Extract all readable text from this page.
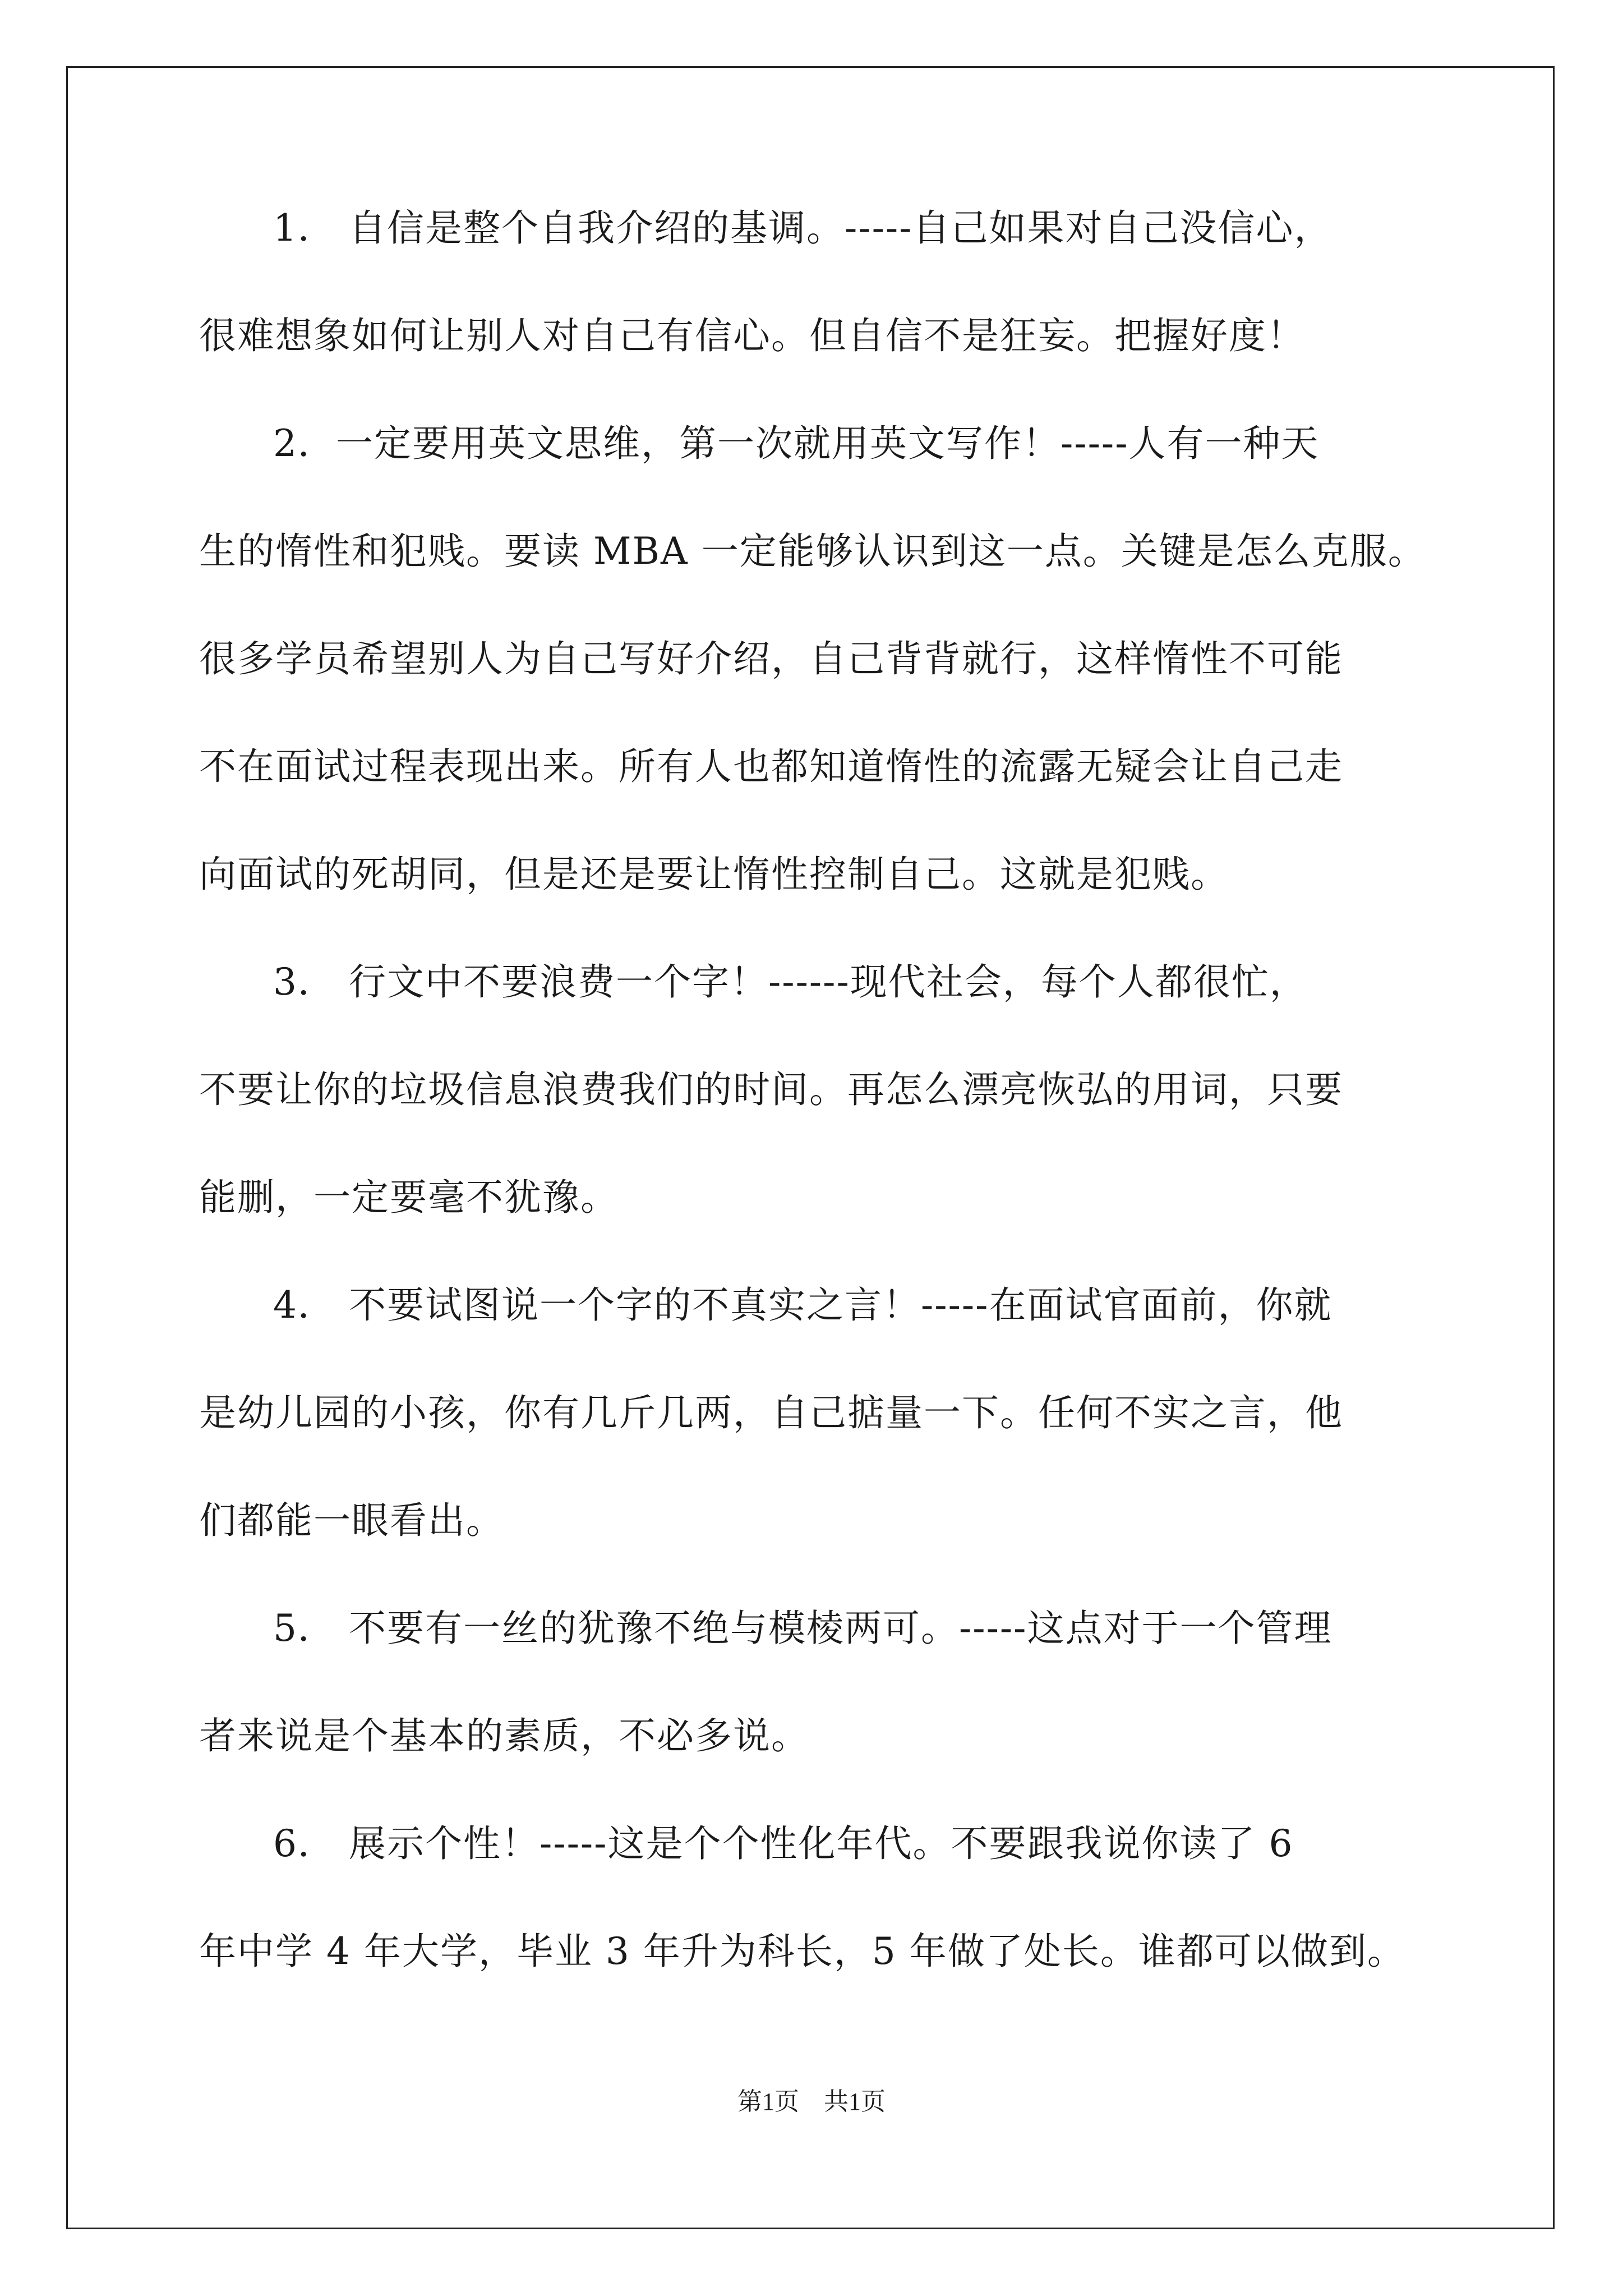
1． 自信是整个自我介绍的基调。-----自己如果对自己没信心，

很难想象如何让别人对自己有信心。但自信不是狂妄。把握好度！

2．一定要用英文思维，第一次就用英文写作！-----人有一种天

生的惰性和犯贱。要读 MBA 一定能够认识到这一点。关键是怎么克服。

很多学员希望别人为自己写好介绍，自己背背就行，这样惰性不可能

不在面试过程表现出来。所有人也都知道惰性的流露无疑会让自己走

向面试的死胡同，但是还是要让惰性控制自己。这就是犯贱。

3． 行文中不要浪费一个字！------现代社会，每个人都很忙，

不要让你的垃圾信息浪费我们的时间。再怎么漂亮恢弘的用词，只要

能删，一定要毫不犹豫。

4． 不要试图说一个字的不真实之言！-----在面试官面前，你就

是幼儿园的小孩，你有几斤几两，自己掂量一下。任何不实之言，他

们都能一眼看出。

5． 不要有一丝的犹豫不绝与模棱两可。-----这点对于一个管理

者来说是个基本的素质，不必多说。

6． 展示个性！-----这是个个性化年代。不要跟我说你读了 6

年中学 4 年大学，毕业 3 年升为科长，5 年做了处长。谁都可以做到。

第1页 共1页
